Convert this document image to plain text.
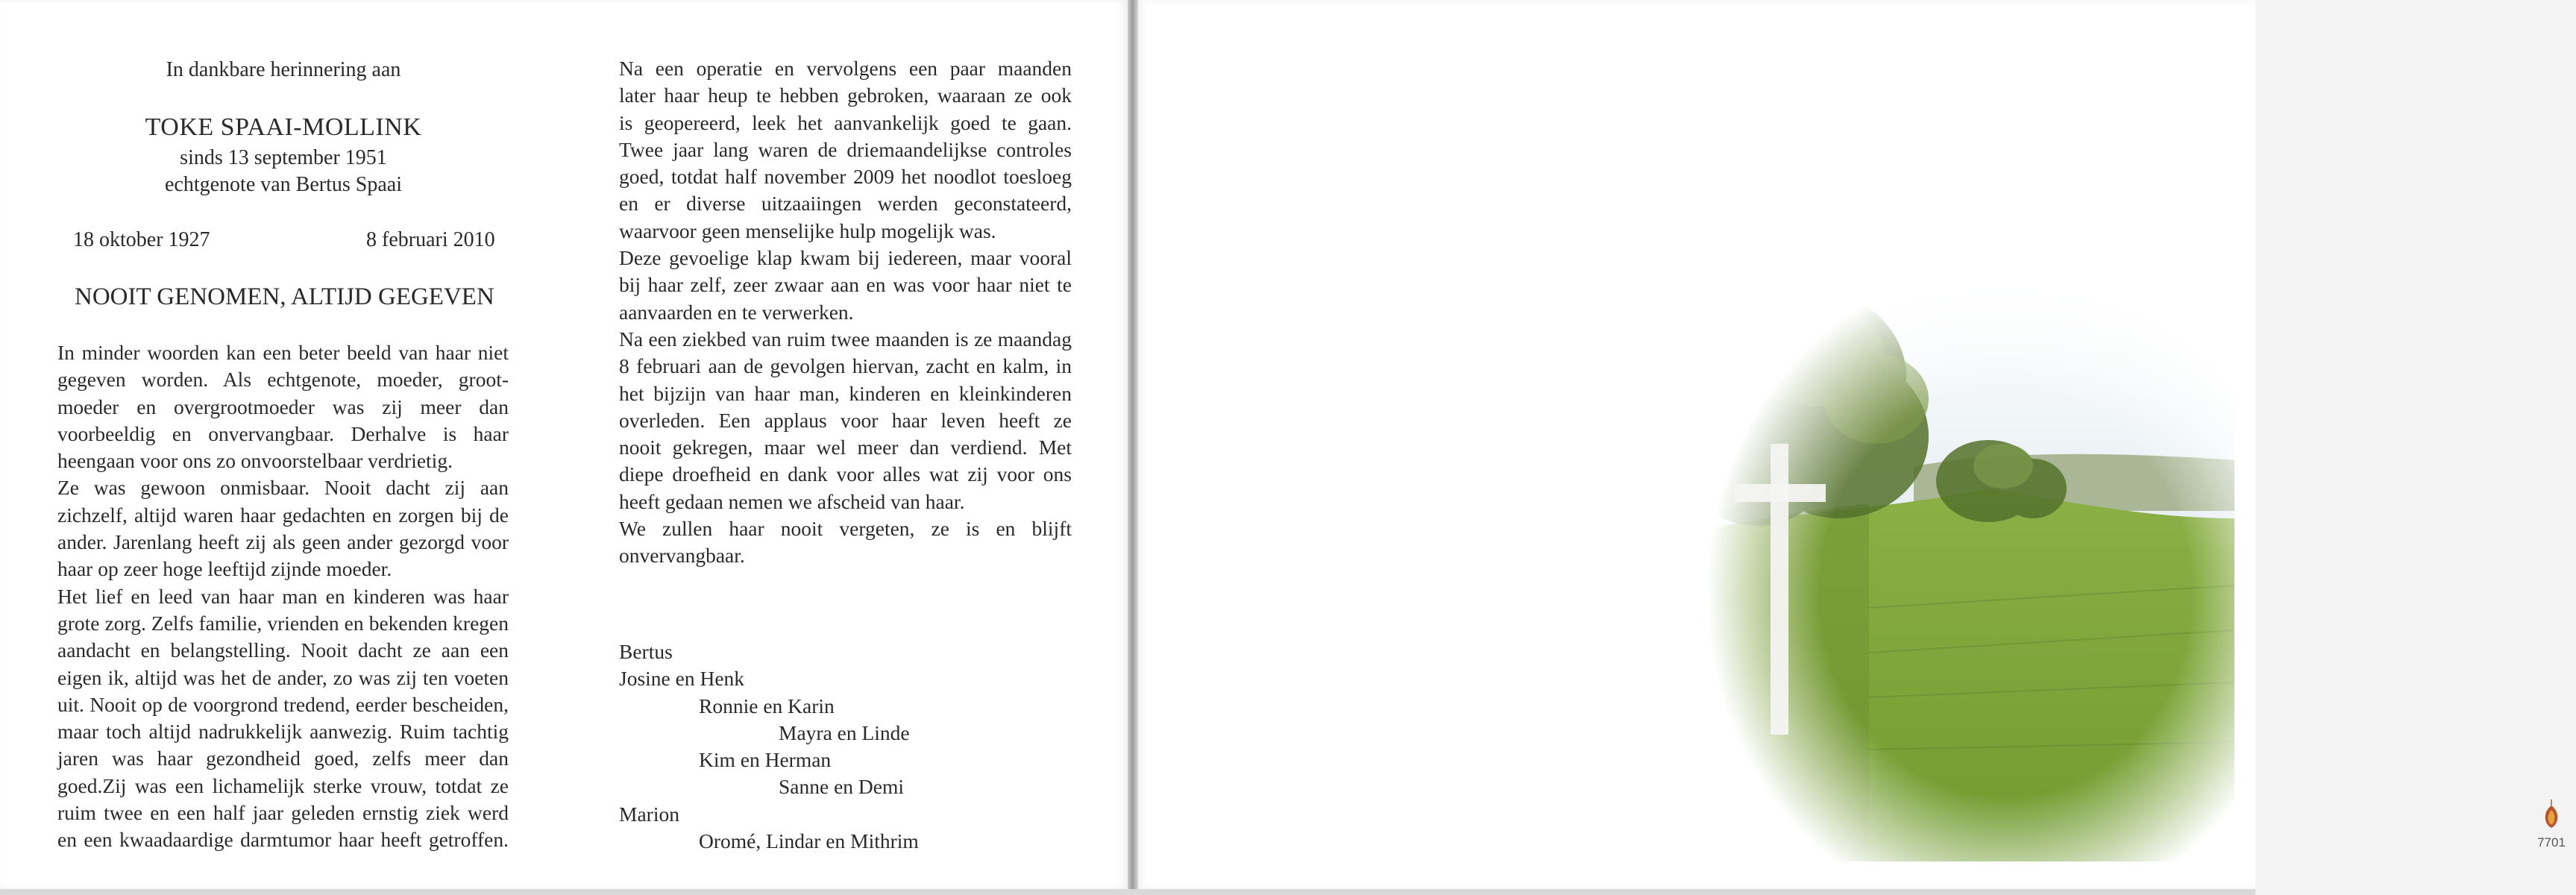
In dankbare herinnering aan
TOKE SPAAI-MOLLINK
sinds 13 september 1951
echtgenote van Bertus Spaai
18 oktober 1927	8 februari 2010
NOOIT GENOMEN, ALTIJD GEGEVEN
In minder woorden kan een beter beeld van haar niet
gegeven worden. Als echtgenote, moeder, groot-
moeder en overgrootmoeder was zij meer dan
voorbeeldig en onvervangbaar. Derhalve is haar
heengaan voor ons zo onvoorstelbaar verdrietig.
Ze was gewoon onmisbaar. Nooit dacht zij aan
zichzelf, altijd waren haar gedachten en zorgen bij de
ander. Jarenlang heeft zij als geen ander gezorgd voor
haar op zeer hoge leeftijd zijnde moeder.
Het lief en leed van haar man en kinderen was haar
grote zorg. Zelfs familie, vrienden en bekenden kregen
aandacht en belangstelling. Nooit dacht ze aan een
eigen ik, altijd was het de ander, zo was zij ten voeten
uit. Nooit op de voorgrond tredend, eerder bescheiden,
maar toch altijd nadrukkelijk aanwezig. Ruim tachtig
jaren was haar gezondheid goed, zelfs meer dan
goed.Zij was een lichamelijk sterke vrouw, totdat ze
ruim twee en een half jaar geleden ernstig ziek werd
en een kwaadaardige darmtumor haar heeft getroffen.
Na een operatie en vervolgens een paar maanden
later haar heup te hebben gebroken, waaraan ze ook
is geopereerd, leek het aanvankelijk goed te gaan.
Twee jaar lang waren de driemaandelijkse controles
goed, totdat half november 2009 het noodlot toesloeg
en er diverse uitzaaiingen werden geconstateerd,
waarvoor geen menselijke hulp mogelijk was.
Deze gevoelige klap kwam bij iedereen, maar vooral
bij haar zelf, zeer zwaar aan en was voor haar niet te
aanvaarden en te verwerken.
Na een ziekbed van ruim twee maanden is ze maandag
8 februari aan de gevolgen hiervan, zacht en kalm, in
het bijzijn van haar man, kinderen en kleinkinderen
overleden. Een applaus voor haar leven heeft ze
nooit gekregen, maar wel meer dan verdiend. Met
diepe droefheid en dank voor alles wat zij voor ons
heeft gedaan nemen we afscheid van haar.
We zullen haar nooit vergeten, ze is en blijft
onvervangbaar.
Bertus
Josine en Henk
Ronnie en Karin
Mayra en Linde
Kim en Herman
Sanne en Demi
Marion
Oromé, Lindar en Mithrim	7701
